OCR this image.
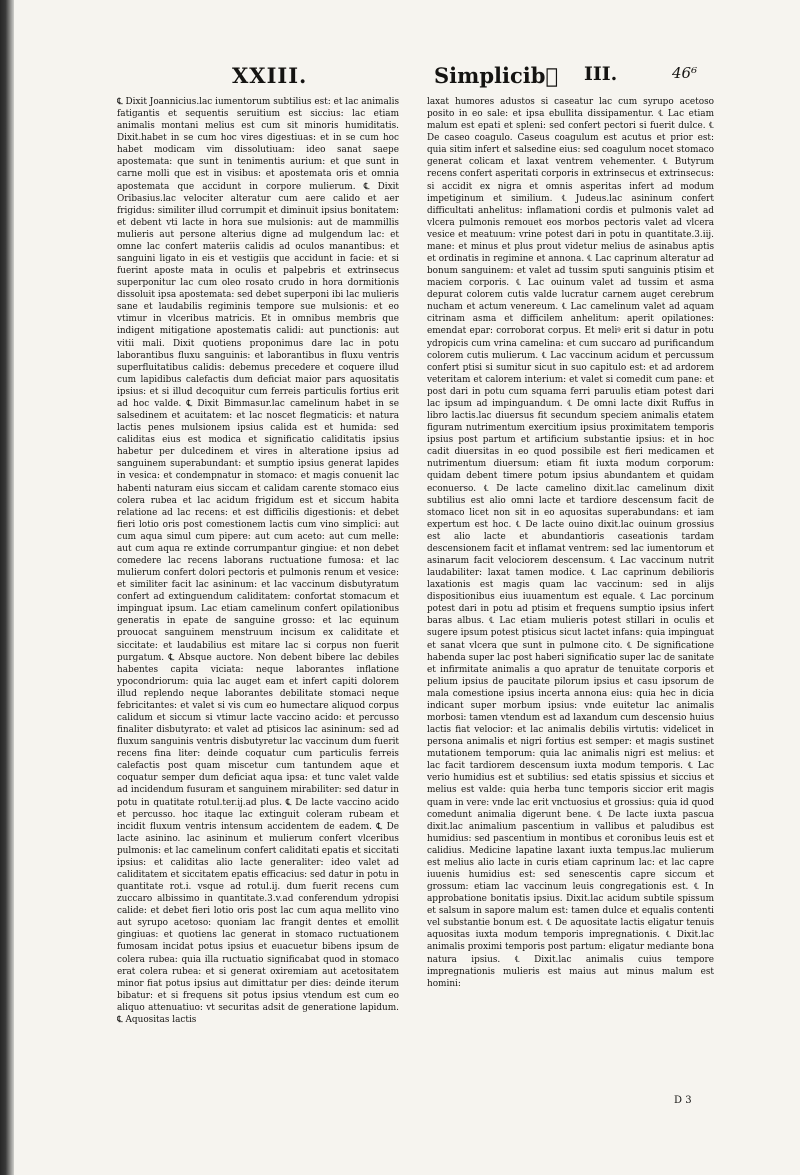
XXIII.	Simplicib᷒ III.	46⁶

℄ Dixit Joannicius.lac iumentorum subtilius est: et lac animalis fatigantis et sequentis seruitium est siccius: lac etiam animalis montani melius est cum sit minoris humiditatis. Dixit.habet in se cum hoc vires digestiuas: et in se cum hoc habet modicam vim dissolutiuam: ideo sanat saepe apostemata: que sunt in tenimentis aurium: et que sunt in carne molli que est in visibus: et apostemata oris et omnia apostemata que accidunt in corpore mulierum. ℄ Dixit Oribasius.lac velociter alteratur cum aere calido et aer frigidus: similiter illud corrumpit et diminuit ipsius bonitatem: et debent vti lacte in hora sue mulsionis: aut de mammillis mulieris aut persone alterius digne ad mulgendum lac: et omne lac confert materiis calidis ad oculos manantibus: et sanguini ligato in eis et vestigiis que accidunt in facie: et si fuerint aposte mata in oculis et palpebris et extrinsecus superponitur lac cum oleo rosato crudo in hora dormitionis dissoluit ipsa apostemata: sed debet superponi ibi lac mulieris sane et laudabilis regiminis tempore sue mulsionis: et eo vtimur in vlceribus matricis. Et in omnibus membris que indigent mitigatione apostematis calidi: aut punctionis: aut vitii mali. Dixit quotiens proponimus dare lac in potu laborantibus fluxu sanguinis: et laborantibus in fluxu ventris superfluitatibus calidis: debemus precedere et coquere illud cum lapidibus calefactis dum deficiat maior pars aquositatis ipsius: et si illud decoquitur cum ferreis particulis fortius erit ad hoc valde. ℄ Dixit Bimmasur.lac camelinum habet in se salsedinem et acuitatem: et lac noscet flegmaticis: et natura lactis penes mulsionem ipsius calida est et humida: sed caliditas eius est modica et significatio caliditatis ipsius habetur per dulcedinem et vires in alteratione ipsius ad sanguinem superabundant: et sumptio ipsius generat lapides in vesica: et condempnatur in stomaco: et magis conuenit lac habenti naturam eius siccam et calidam carente stomaco eius colera rubea et lac acidum frigidum est et siccum habita relatione ad lac recens: et est difficilis digestionis: et debet fieri lotio oris post comestionem lactis cum vino simplici: aut cum aqua simul cum pipere: aut cum aceto: aut cum melle: aut cum aqua re extinde corrumpantur gingiue: et non debet comedere lac recens laborans ructuatione fumosa: et lac mulierum confert dolori pectoris et pulmonis renum et vesice: et similiter facit lac asininum: et lac vaccinum disbutyratum confert ad extinguendum caliditatem: confortat stomacum et impinguat ipsum. Lac etiam camelinum confert opilationibus generatis in epate de sanguine grosso: et lac equinum prouocat sanguinem menstruum incisum ex caliditate et siccitate: et laudabilius est mitare lac si corpus non fuerit purgatum. ℄ Absque auctore. Non debent bibere lac debiles habentes capita viciata: neque laborantes inflatione ypocondriorum: quia lac auget eam et infert capiti dolorem illud replendo neque laborantes debilitate stomaci neque febricitantes: et valet si vis cum eo humectare aliquod corpus calidum et siccum si vtimur lacte vaccino acido: et percusso finaliter disbutyrato: et valet ad ptisicos lac asininum: sed ad fluxum sanguinis ventris disbutyretur lac vaccinum dum fuerit recens fina liter: deinde coquatur cum particulis ferreis calefactis post quam miscetur cum tantundem aque et coquatur semper dum deficiat aqua ipsa: et tunc valet valde ad incidendum fusuram et sanguinem mirabiliter: sed datur in potu in quatitate rotul.ter.ij.ad plus. ℄ De lacte vaccino acido et percusso. hoc itaque lac extinguit coleram rubeam et incidit fluxum ventris intensum accidentem de eadem. ℄ De lacte asinino. lac asininum et mulierum confert vlceribus pulmonis: et lac camelinum confert caliditati epatis et siccitati ipsius: et caliditas alio lacte generaliter: ideo valet ad caliditatem et siccitatem epatis efficacius: sed datur in potu in quantitate rot.i. vsque ad rotul.ij. dum fuerit recens cum zuccaro albissimo in quantitate.3.v.ad conferendum ydropisi calide: et debet fieri lotio oris post lac cum aqua mellito vino aut syrupo acetoso: quoniam lac frangit dentes et emollit gingiuas: et quotiens lac generat in stomaco ructuationem fumosam incidat potus ipsius et euacuetur bibens ipsum de colera rubea: quia illa ructuatio significabat quod in stomaco erat colera rubea: et si generat oxiremiam aut acetositatem minor fiat potus ipsius aut dimittatur per dies: deinde iterum bibatur: et si frequens sit potus ipsius vtendum est cum eo aliquo attenuatiuo: vt securitas adsit de generatione lapidum. ℄ Aquositas lactis

laxat humores adustos si caseatur lac cum syrupo acetoso posito in eo sale: et ipsa ebullita dissipamentur. ℄ Lac etiam malum est epati et spleni: sed confert pectori si fuerit dulce. ℄ De caseo coagulo. Caseus coagulum est acutus et prior est: quia sitim infert et salsedine eius: sed coagulum nocet stomaco generat colicam et laxat ventrem vehementer. ℄ Butyrum recens confert asperitati corporis in extrinsecus et extrinsecus: si accidit ex nigra et omnis asperitas infert ad modum impetiginum et similium. ℄ Judeus.lac asininum confert difficultati anhelitus: inflamationi cordis et pulmonis valet ad vlcera pulmonis remouet eos morbos pectoris valet ad vlcera vesice et meatuum: vrine potest dari in potu in quantitate.3.iij. mane: et minus et plus prout videtur melius de asinabus aptis et ordinatis in regimine et annona. ℄ Lac caprinum alteratur ad bonum sanguinem: et valet ad tussim sputi sanguinis ptisim et maciem corporis. ℄ Lac ouinum valet ad tussim et asma depurat colorem cutis valde lucratur carnem auget cerebrum nucham et actum venereum. ℄ Lac camelinum valet ad aquam citrinam asma et difficilem anhelitum: aperit opilationes: emendat epar: corroborat corpus. Et meliꝰ erit si datur in potu ydropicis cum vrina camelina: et cum succaro ad purificandum colorem cutis mulierum. ℄ Lac vaccinum acidum et percussum confert ptisi si sumitur sicut in suo capitulo est: et ad ardorem veteritam et calorem interium: et valet si comedit cum pane: et post dari in potu cum squama ferri paruulis etiam potest dari lac ipsum ad impinguandum. ℄ De omni lacte dixit Ruffus in libro lactis.lac diuersus fit secundum speciem animalis etatem figuram nutrimentum exercitium ipsius proximitatem temporis ipsius post partum et artificium substantie ipsius: et in hoc cadit diuersitas in eo quod possibile est fieri medicamen et nutrimentum diuersum: etiam fit iuxta modum corporum: quidam debent timere potum ipsius abundantem et quidam econuerso. ℄ De lacte camelino dixit.lac camelinum dixit subtilius est alio omni lacte et tardiore descensum facit de stomaco licet non sit in eo aquositas superabundans: et iam expertum est hoc. ℄ De lacte ouino dixit.lac ouinum grossius est alio lacte et abundantioris caseationis tardam descensionem facit et inflamat ventrem: sed lac iumentorum et asinarum facit velociorem descensum. ℄ Lac vaccinum nutrit laudabiliter: laxat tamen modice. ℄ Lac caprinum debilioris laxationis est magis quam lac vaccinum: sed in alijs dispositionibus eius iuuamentum est equale. ℄ Lac porcinum potest dari in potu ad ptisim et frequens sumptio ipsius infert baras albus. ℄ Lac etiam mulieris potest stillari in oculis et sugere ipsum potest ptisicus sicut lactet infans: quia impinguat et sanat vlcera que sunt in pulmone cito. ℄ De significatione habenda super lac post haberi significatio super lac de sanitate et infirmitate animalis a quo apratur de tenuitate corporis et pelium ipsius de paucitate pilorum ipsius et casu ipsorum de mala comestione ipsius incerta annona eius: quia hec in dicia indicant super morbum ipsius: vnde euitetur lac animalis morbosi: tamen vtendum est ad laxandum cum descensio huius lactis fiat velocior: et lac animalis debilis virtutis: videlicet in persona animalis et nigri fortius est semper: et magis sustinet mutationem temporum: quia lac animalis nigri est melius: et lac facit tardiorem descensum iuxta modum temporis. ℄ Lac verio humidius est et subtilius: sed etatis spissius et siccius et melius est valde: quia herba tunc temporis siccior erit magis quam in vere: vnde lac erit vnctuosius et grossius: quia id quod comedunt animalia digerunt bene. ℄ De lacte iuxta pascua dixit.lac animalium pascentium in vallibus et paludibus est humidius: sed pascentium in montibus et coronibus leuis est et calidius. Medicine lapatine laxant iuxta tempus.lac mulierum est melius alio lacte in curis etiam caprinum lac: et lac capre iuuenis humidius est: sed senescentis capre siccum et grossum: etiam lac vaccinum leuis congregationis est. ℄ In approbatione bonitatis ipsius. Dixit.lac acidum subtile spissum et salsum in sapore malum est: tamen dulce et equalis contenti vel substantie bonum est. ℄ De aquositate lactis eligatur tenuis aquositas iuxta modum temporis impregnationis. ℄ Dixit.lac animalis proximi temporis post partum: eligatur mediante bona natura ipsius. ℄ Dixit.lac animalis cuius tempore impregnationis mulieris est maius aut minus malum est homini:

D 3
